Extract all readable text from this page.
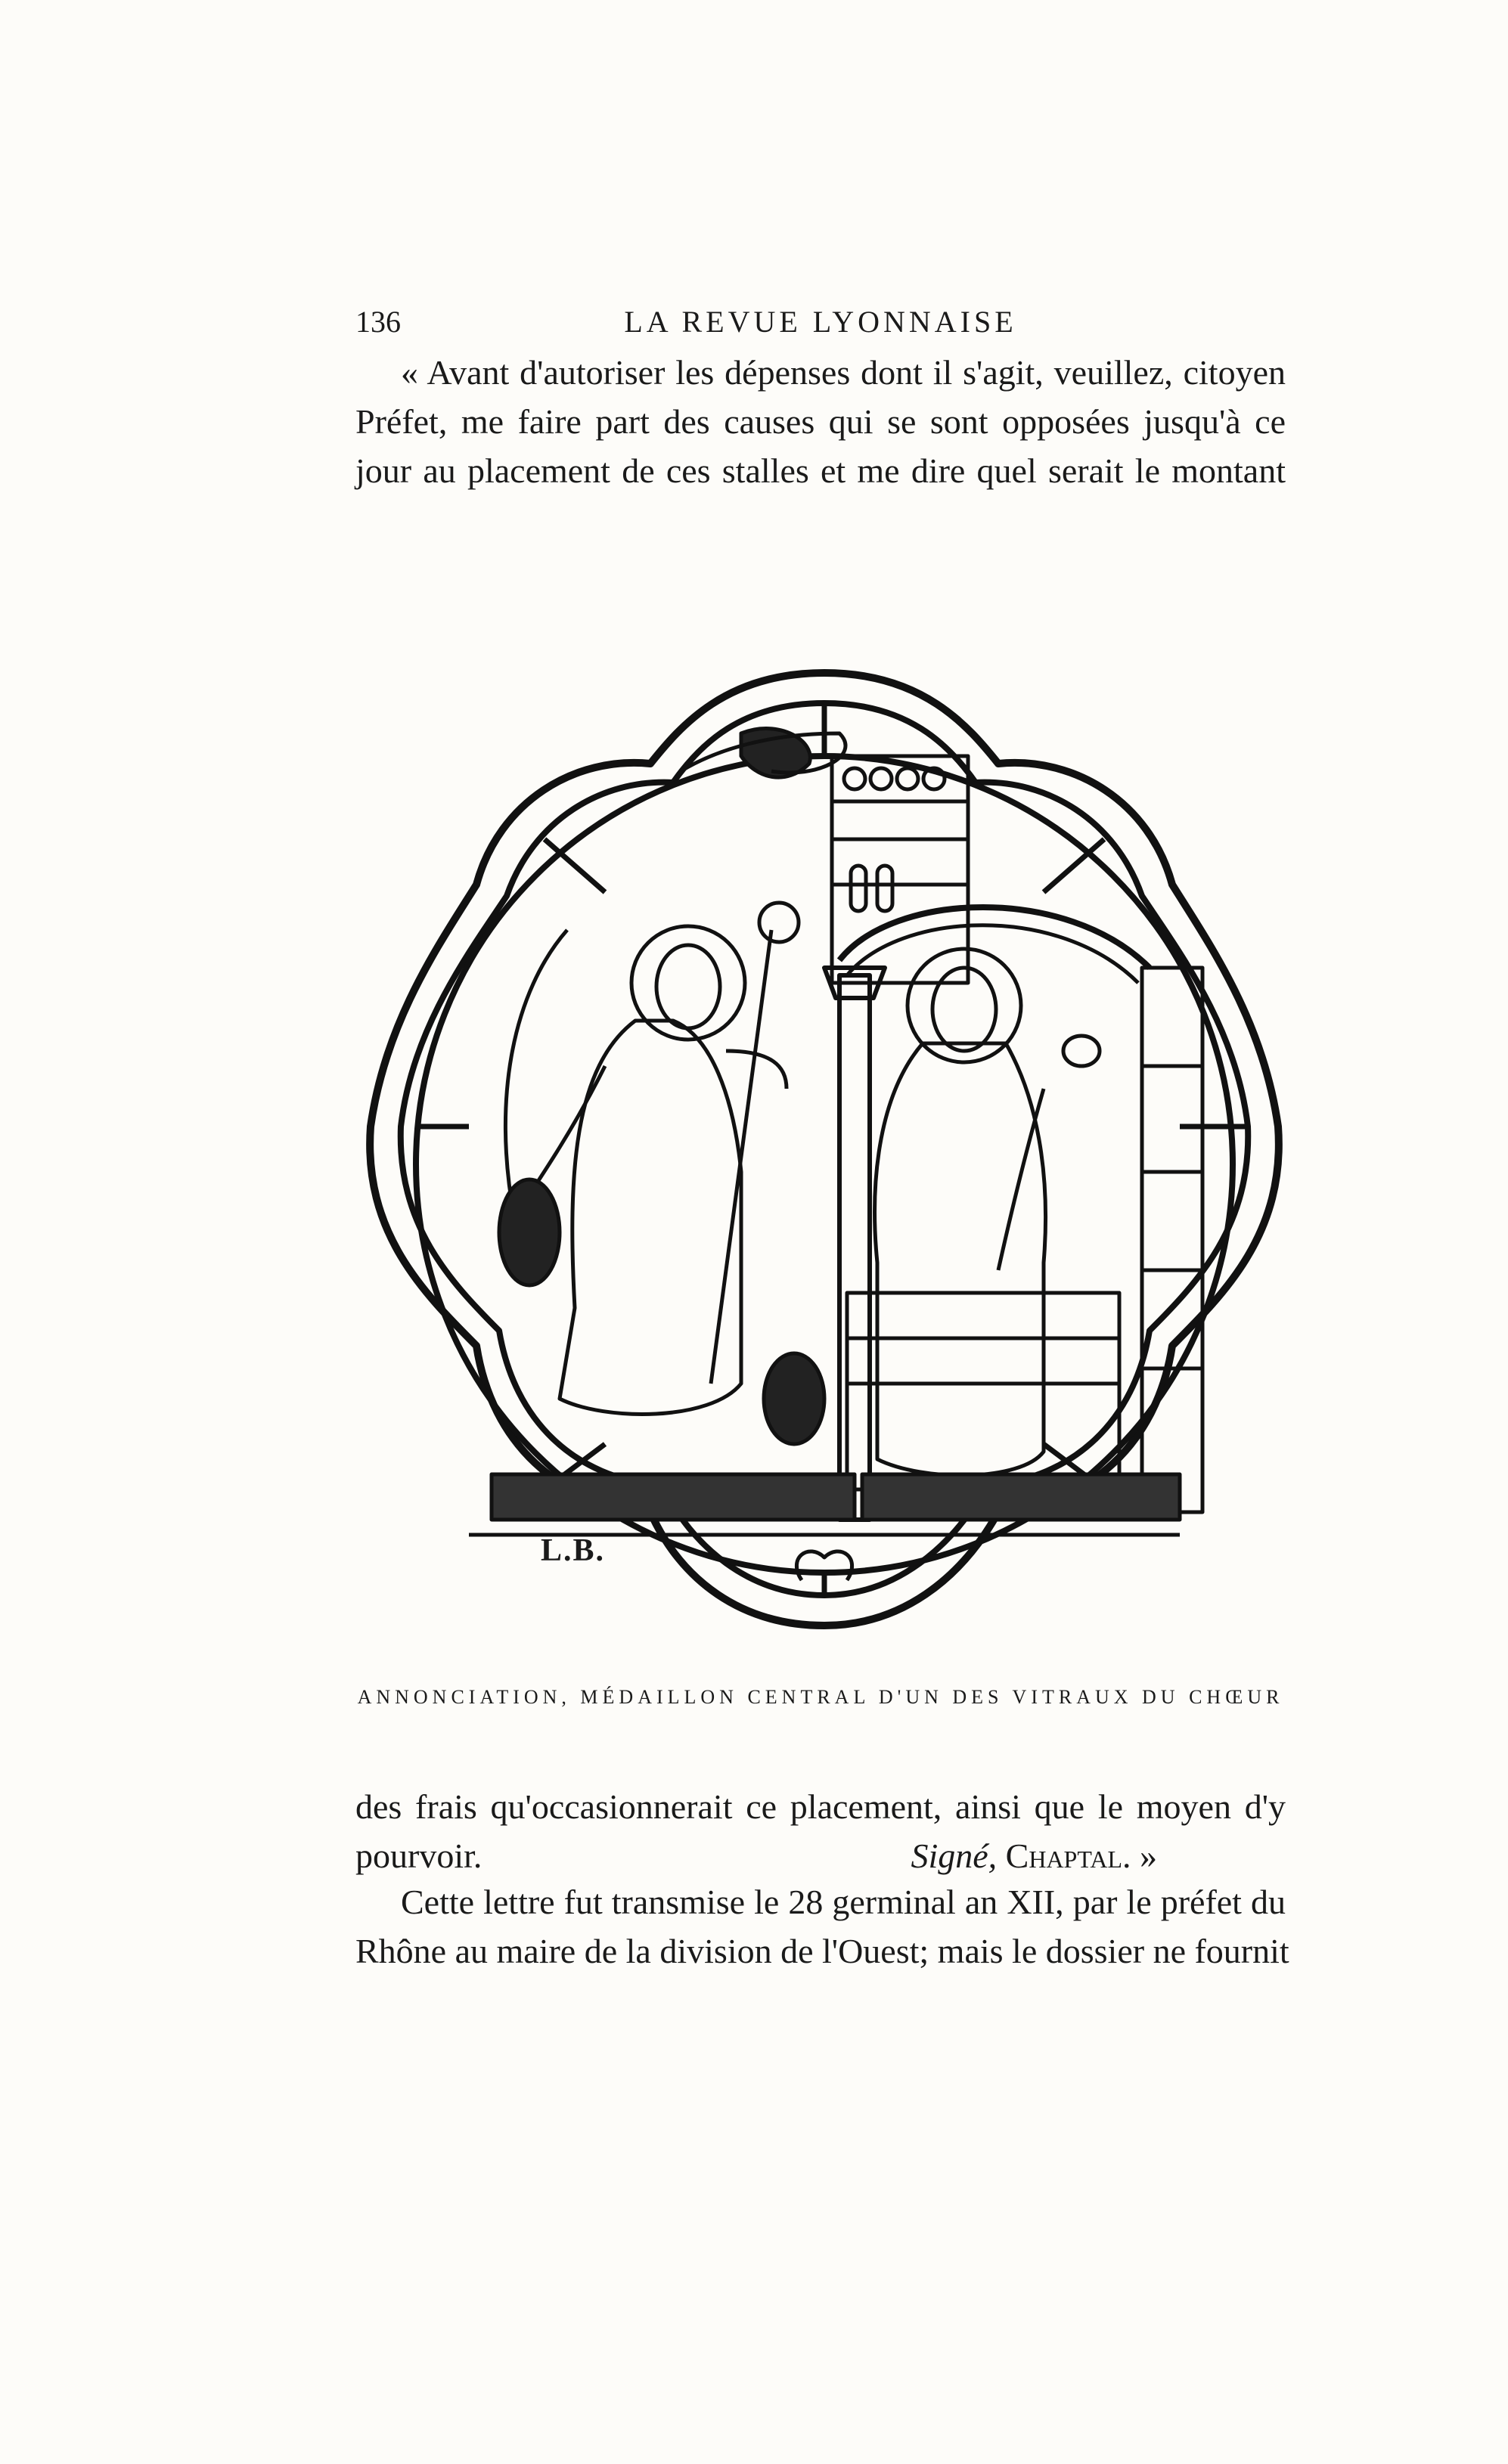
136	LA REVUE LYONNAISE
« Avant d'autoriser les dépenses dont il s'agit, veuillez, citoyen
Préfet, me faire part des causes qui se sont opposées jusqu'à ce
jour au placement de ces stalles et me dire quel serait le montant
L.B.
ANNONCIATION, MÉDAILLON CENTRAL D'UN DES VITRAUX DU CHŒUR
des frais qu'occasionnerait ce placement, ainsi que le moyen d'y
pourvoir.	Signé, Chaptal. »
Cette lettre fut transmise le 28 germinal an XII, par le préfet du
Rhône au maire de la division de l'Ouest; mais le dossier ne fournit
